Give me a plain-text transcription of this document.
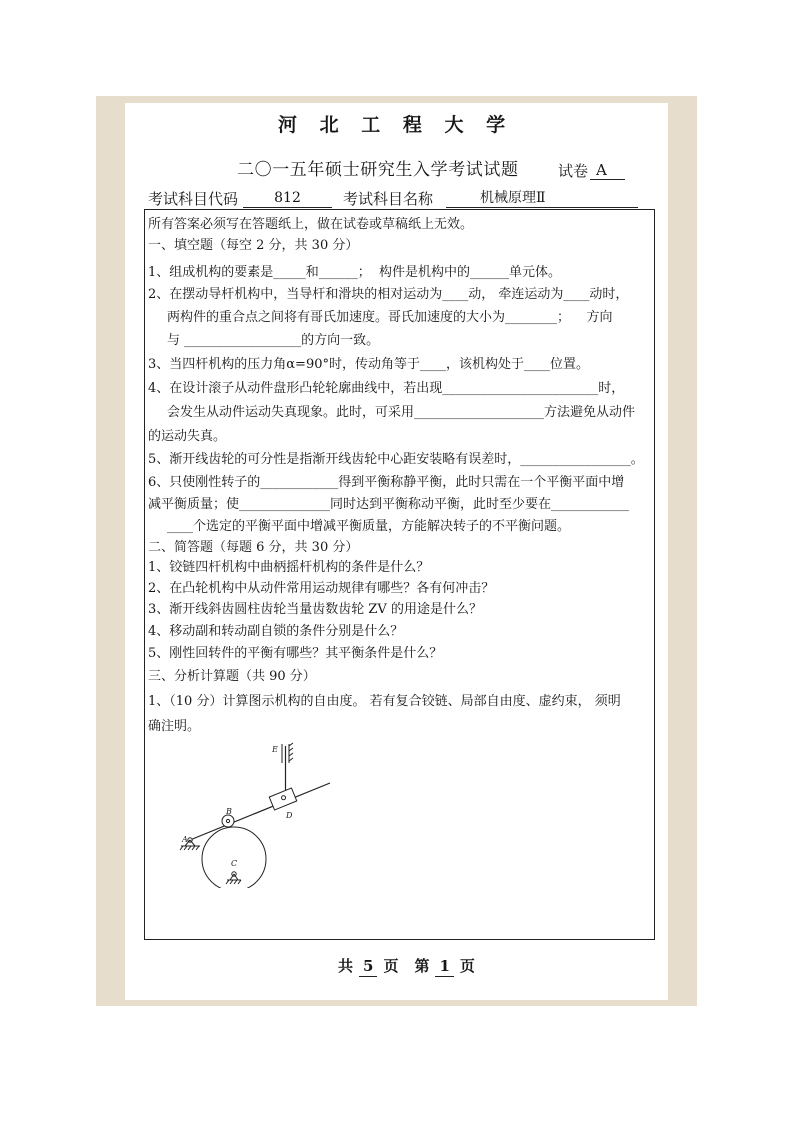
河 北 工 程 大 学
二〇一五年硕士研究生入学考试试题	试卷 A
考试科目代码	812	考试科目名称	机械原理Ⅱ
所有答案必须写在答题纸上，做在试卷或草稿纸上无效。
一、填空题（每空 2 分，共 30 分）
1、组成机构的要素是_____和______；  构件是机构中的______单元体。
2、在摆动导杆机构中，当导杆和滑块的相对运动为____动， 牵连运动为____动时，
两构件的重合点之间将有哥氏加速度。哥氏加速度的大小为________；    方向
与 __________________的方向一致。
3、当四杆机构的压力角α=90°时，传动角等于____，该机构处于____位置。
4、在设计滚子从动件盘形凸轮轮廓曲线中，若出现________________________时，
会发生从动件运动失真现象。此时，可采用____________________方法避免从动件
的运动失真。
5、渐开线齿轮的可分性是指渐开线齿轮中心距安装略有误差时，_________________。
6、只使刚性转子的____________得到平衡称静平衡，此时只需在一个平衡平面中增
减平衡质量；使______________同时达到平衡称动平衡，此时至少要在____________
____个选定的平衡平面中增减平衡质量，方能解决转子的不平衡问题。
二、简答题（每题 6 分，共 30 分）
1、铰链四杆机构中曲柄摇杆机构的条件是什么？
2、在凸轮机构中从动件常用运动规律有哪些？各有何冲击？
3、渐开线斜齿圆柱齿轮当量齿数齿轮 ZV 的用途是什么？
4、移动副和转动副自锁的条件分别是什么？
5、刚性回转件的平衡有哪些？其平衡条件是什么？
三、分析计算题（共 90 分）
1、（10 分）计算图示机构的自由度。 若有复合铰链、局部自由度、虚约束， 须明
确注明。
E
B	D
A
C
共 5 页 第 1 页
